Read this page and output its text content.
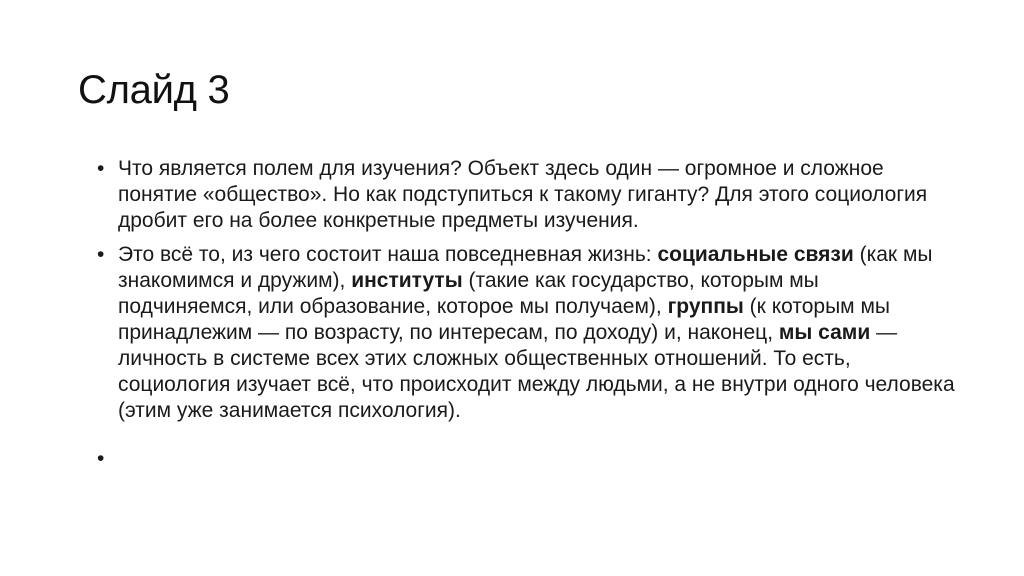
Слайд 3
• Что является полем для изучения? Объект здесь один — огромное и сложное понятие «общество». Но как подступиться к такому гиганту? Для этого социология дробит его на более конкретные предметы изучения.
• Это всё то, из чего состоит наша повседневная жизнь: социальные связи (как мы знакомимся и дружим), институты (такие как государство, которым мы подчиняемся, или образование, которое мы получаем), группы (к которым мы принадлежим — по возрасту, по интересам, по доходу) и, наконец, мы сами — личность в системе всех этих сложных общественных отношений. То есть, социология изучает всё, что происходит между людьми, а не внутри одного человека (этим уже занимается психология).
•
